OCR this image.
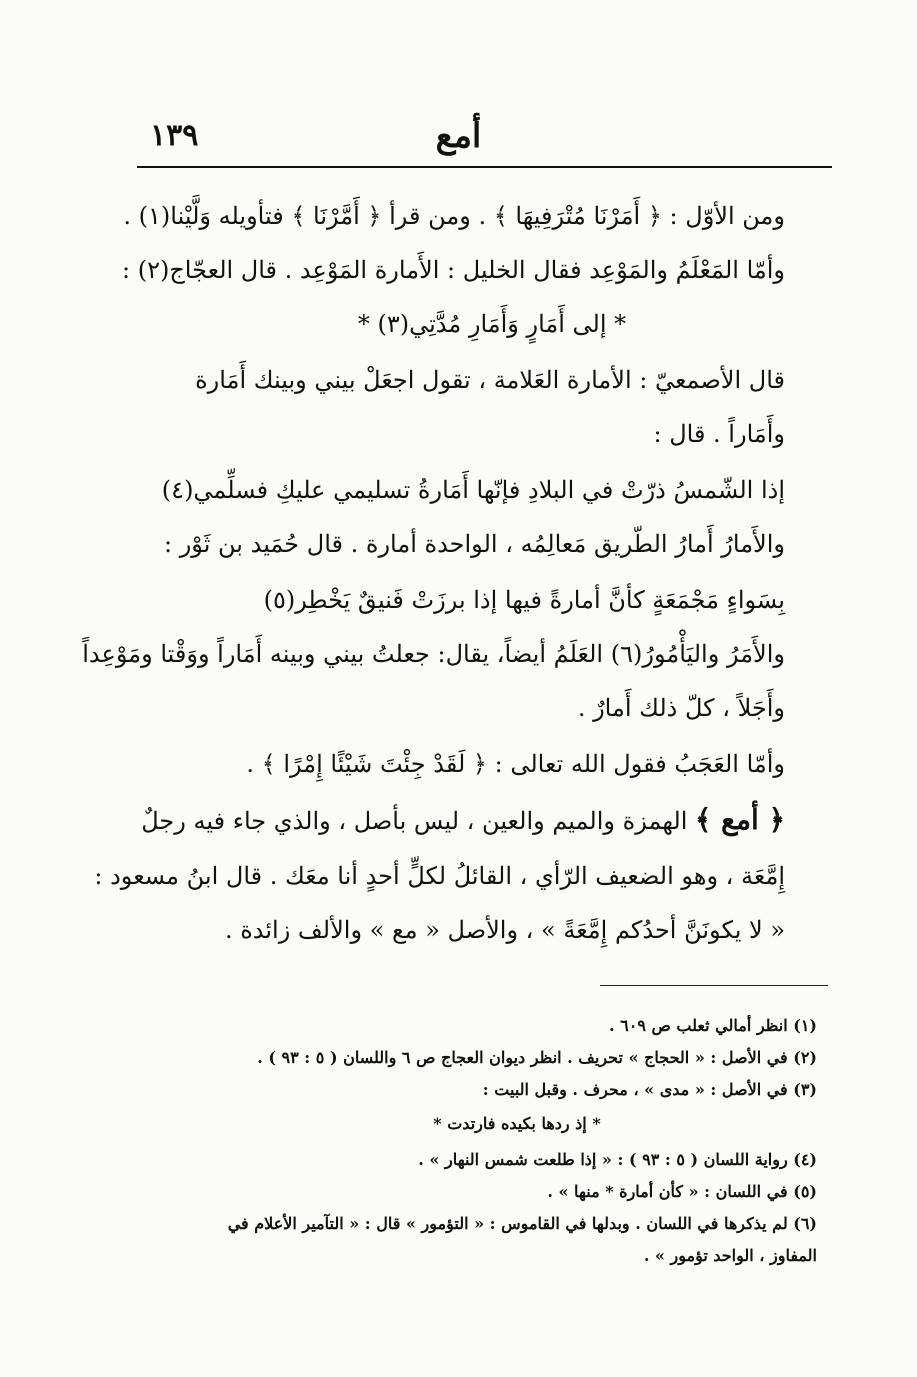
أمع
١٣٩
ومن الأوّل : ﴿ أَمَرْنَا مُتْرَفِيهَا ﴾ . ومن قرأ ﴿ أَمَّرْنَا ﴾ فتأويله وَلَّيْنا(١) .
وأمّا المَعْلَمُ والمَوْعِد فقال الخليل : الأَمارة المَوْعِد . قال العجّاج(٢) :
* إلى أَمَارٍ وَأَمَارِ مُدَّتِي(٣) *
قال الأصمعيّ : الأمارة العَلامة ، تقول اجعَلْ بيني وبينك أَمَارة
وأَمَاراً . قال :
إذا الشّمسُ ذرّتْ في البلادِ فإنّها أَمَارةُ تسليمي عليكِ فسلِّمي(٤)
والأَمارُ أَمارُ الطّريق مَعالِمُه ، الواحدة أمارة . قال حُمَيد بن ثَوْر :
بِسَواءٍ مَجْمَعَةٍ كأنَّ أمارةً فيها إذا برزَتْ فَنيقٌ يَخْطِر(٥)
والأَمَرُ واليَأْمُورُ(٦) العَلَمُ أيضاً، يقال: جعلتُ بيني وبينه أَمَاراً ووَقْتا ومَوْعِداً
وأَجَلاً ، كلّ ذلك أَمارٌ .
وأمّا العَجَبُ فقول الله تعالى : ﴿ لَقَدْ جِئْتَ شَيْئًا إِمْرًا ﴾ .
﴿ أمع ﴾ الهمزة والميم والعين ، ليس بأصل ، والذي جاء فيه رجلٌ
إِمَّعَة ، وهو الضعيف الرّأي ، القائلُ لكلٍّ أحدٍ أنا معَك . قال ابنُ مسعود :
« لا يكونَنَّ أحدُكم إِمَّعَةً » ، والأصل « مع » والألف زائدة .
(١) انظر أمالي ثعلب ص ٦٠٩ .
(٢) في الأصل : « الحجاج » تحريف . انظر ديوان العجاج ص ٦ واللسان ( ٥ : ٩٣ ) .
(٣) في الأصل : « مدى » ، محرف . وقبل البيت :
* إذ ردها بكيده فارتدت *
(٤) رواية اللسان ( ٥ : ٩٣ ) : « إذا طلعت شمس النهار » .
(٥) في اللسان : « كأن أمارة * منها » .
(٦) لم يذكرها في اللسان . وبدلها في القاموس : « التؤمور » قال : « التآمير الأعلام في
المفاوز ، الواحد تؤمور » .
